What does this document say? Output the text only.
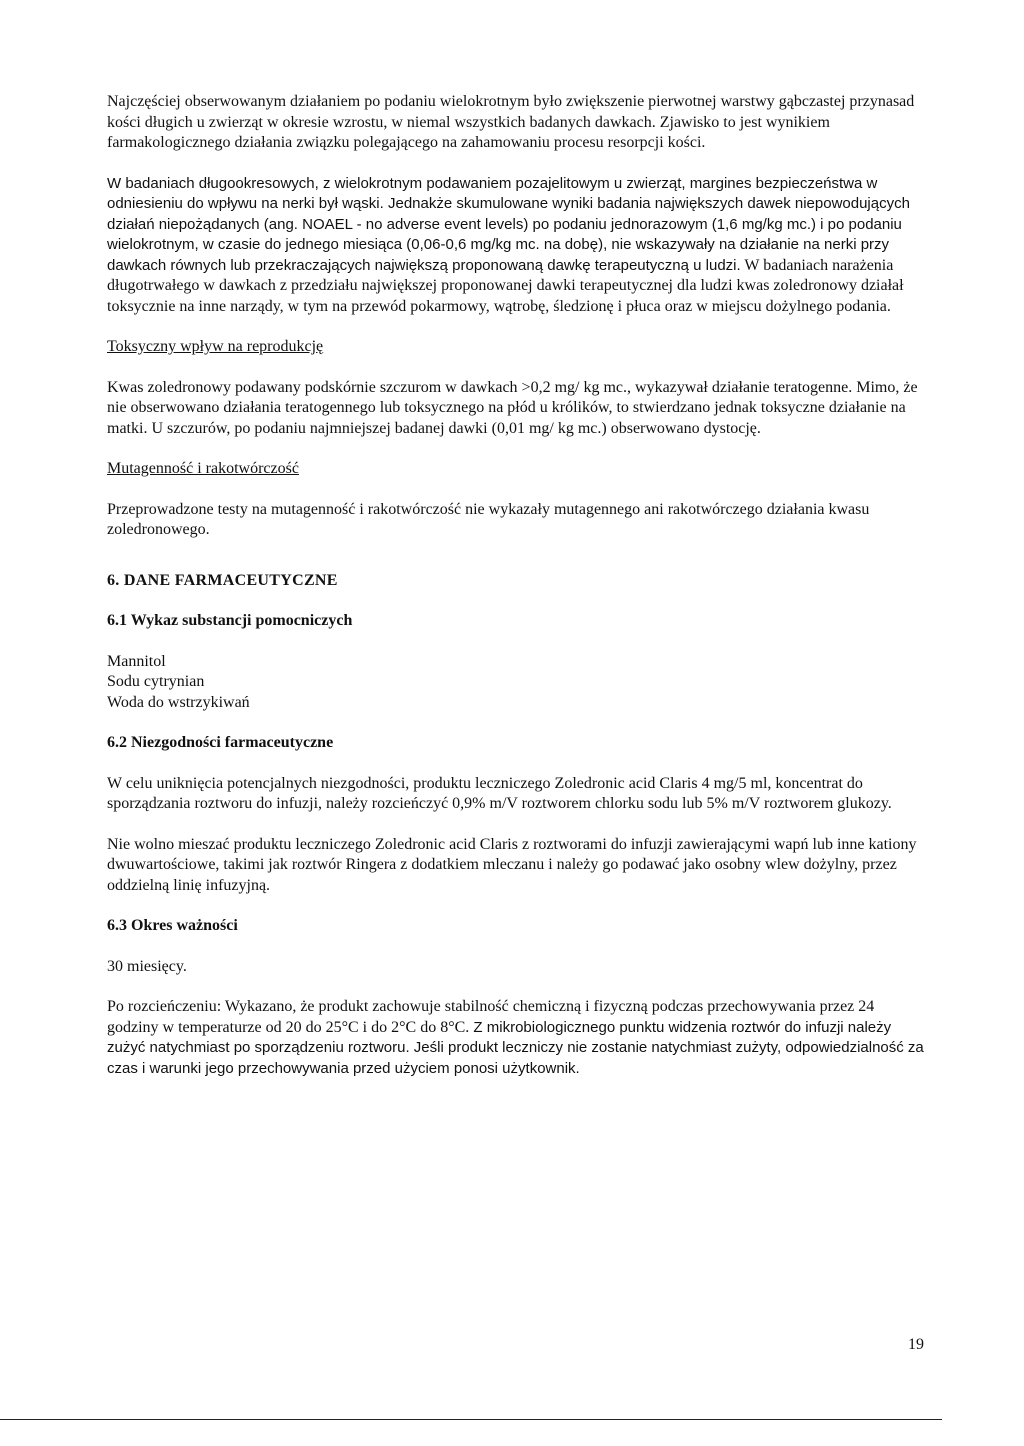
Najczęściej obserwowanym działaniem po podaniu wielokrotnym było zwiększenie pierwotnej warstwy gąbczastej przynasad kości długich u zwierząt w okresie wzrostu, w niemal wszystkich badanych dawkach. Zjawisko to jest wynikiem farmakologicznego działania związku polegającego na zahamowaniu procesu resorpcji kości.

W badaniach długookresowych, z wielokrotnym podawaniem pozajelitowym u zwierząt, margines bezpieczeństwa w odniesieniu do wpływu na nerki był wąski. Jednakże skumulowane wyniki badania największych dawek niepowodujących działań niepożądanych (ang. NOAEL - no adverse event levels) po podaniu jednorazowym (1,6 mg/kg mc.) i po podaniu wielokrotnym, w czasie do jednego miesiąca (0,06-0,6 mg/kg mc. na dobę), nie wskazywały na działanie na nerki przy dawkach równych lub przekraczających największą proponowaną dawkę terapeutyczną u ludzi. W badaniach narażenia długotrwałego w dawkach z przedziału największej proponowanej dawki terapeutycznej dla ludzi kwas zoledronowy działał toksycznie na inne narządy, w tym na przewód pokarmowy, wątrobę, śledzionę i płuca oraz w miejscu dożylnego podania.

Toksyczny wpływ na reprodukcję

Kwas zoledronowy podawany podskórnie szczurom w dawkach >0,2 mg/ kg mc., wykazywał działanie teratogenne. Mimo, że nie obserwowano działania teratogennego lub toksycznego na płód u królików, to stwierdzano jednak toksyczne działanie na matki. U szczurów, po podaniu najmniejszej badanej dawki (0,01 mg/ kg mc.) obserwowano dystocję.

Mutagenność i rakotwórczość

Przeprowadzone testy na mutagenność i rakotwórczość nie wykazały mutagennego ani rakotwórczego działania kwasu zoledronowego.

6. DANE FARMACEUTYCZNE

6.1 Wykaz substancji pomocniczych

Mannitol
Sodu cytrynian
Woda do wstrzykiwań

6.2 Niezgodności farmaceutyczne

W celu uniknięcia potencjalnych niezgodności, produktu leczniczego Zoledronic acid Claris 4 mg/5 ml, koncentrat do sporządzania roztworu do infuzji, należy rozcieńczyć 0,9% m/V roztworem chlorku sodu lub 5% m/V roztworem glukozy.

Nie wolno mieszać produktu leczniczego Zoledronic acid Claris z roztworami do infuzji zawierającymi wapń lub inne kationy dwuwartościowe, takimi jak roztwór Ringera z dodatkiem mleczanu i należy go podawać jako osobny wlew dożylny, przez oddzielną linię infuzyjną.

6.3 Okres ważności

30 miesięcy.

Po rozcieńczeniu: Wykazano, że produkt zachowuje stabilność chemiczną i fizyczną podczas przechowywania przez 24 godziny w temperaturze od 20 do 25°C i do 2°C do 8°C. Z mikrobiologicznego punktu widzenia roztwór do infuzji należy zużyć natychmiast po sporządzeniu roztworu. Jeśli produkt leczniczy nie zostanie natychmiast zużyty, odpowiedzialność za czas i warunki jego przechowywania przed użyciem ponosi użytkownik.

19
